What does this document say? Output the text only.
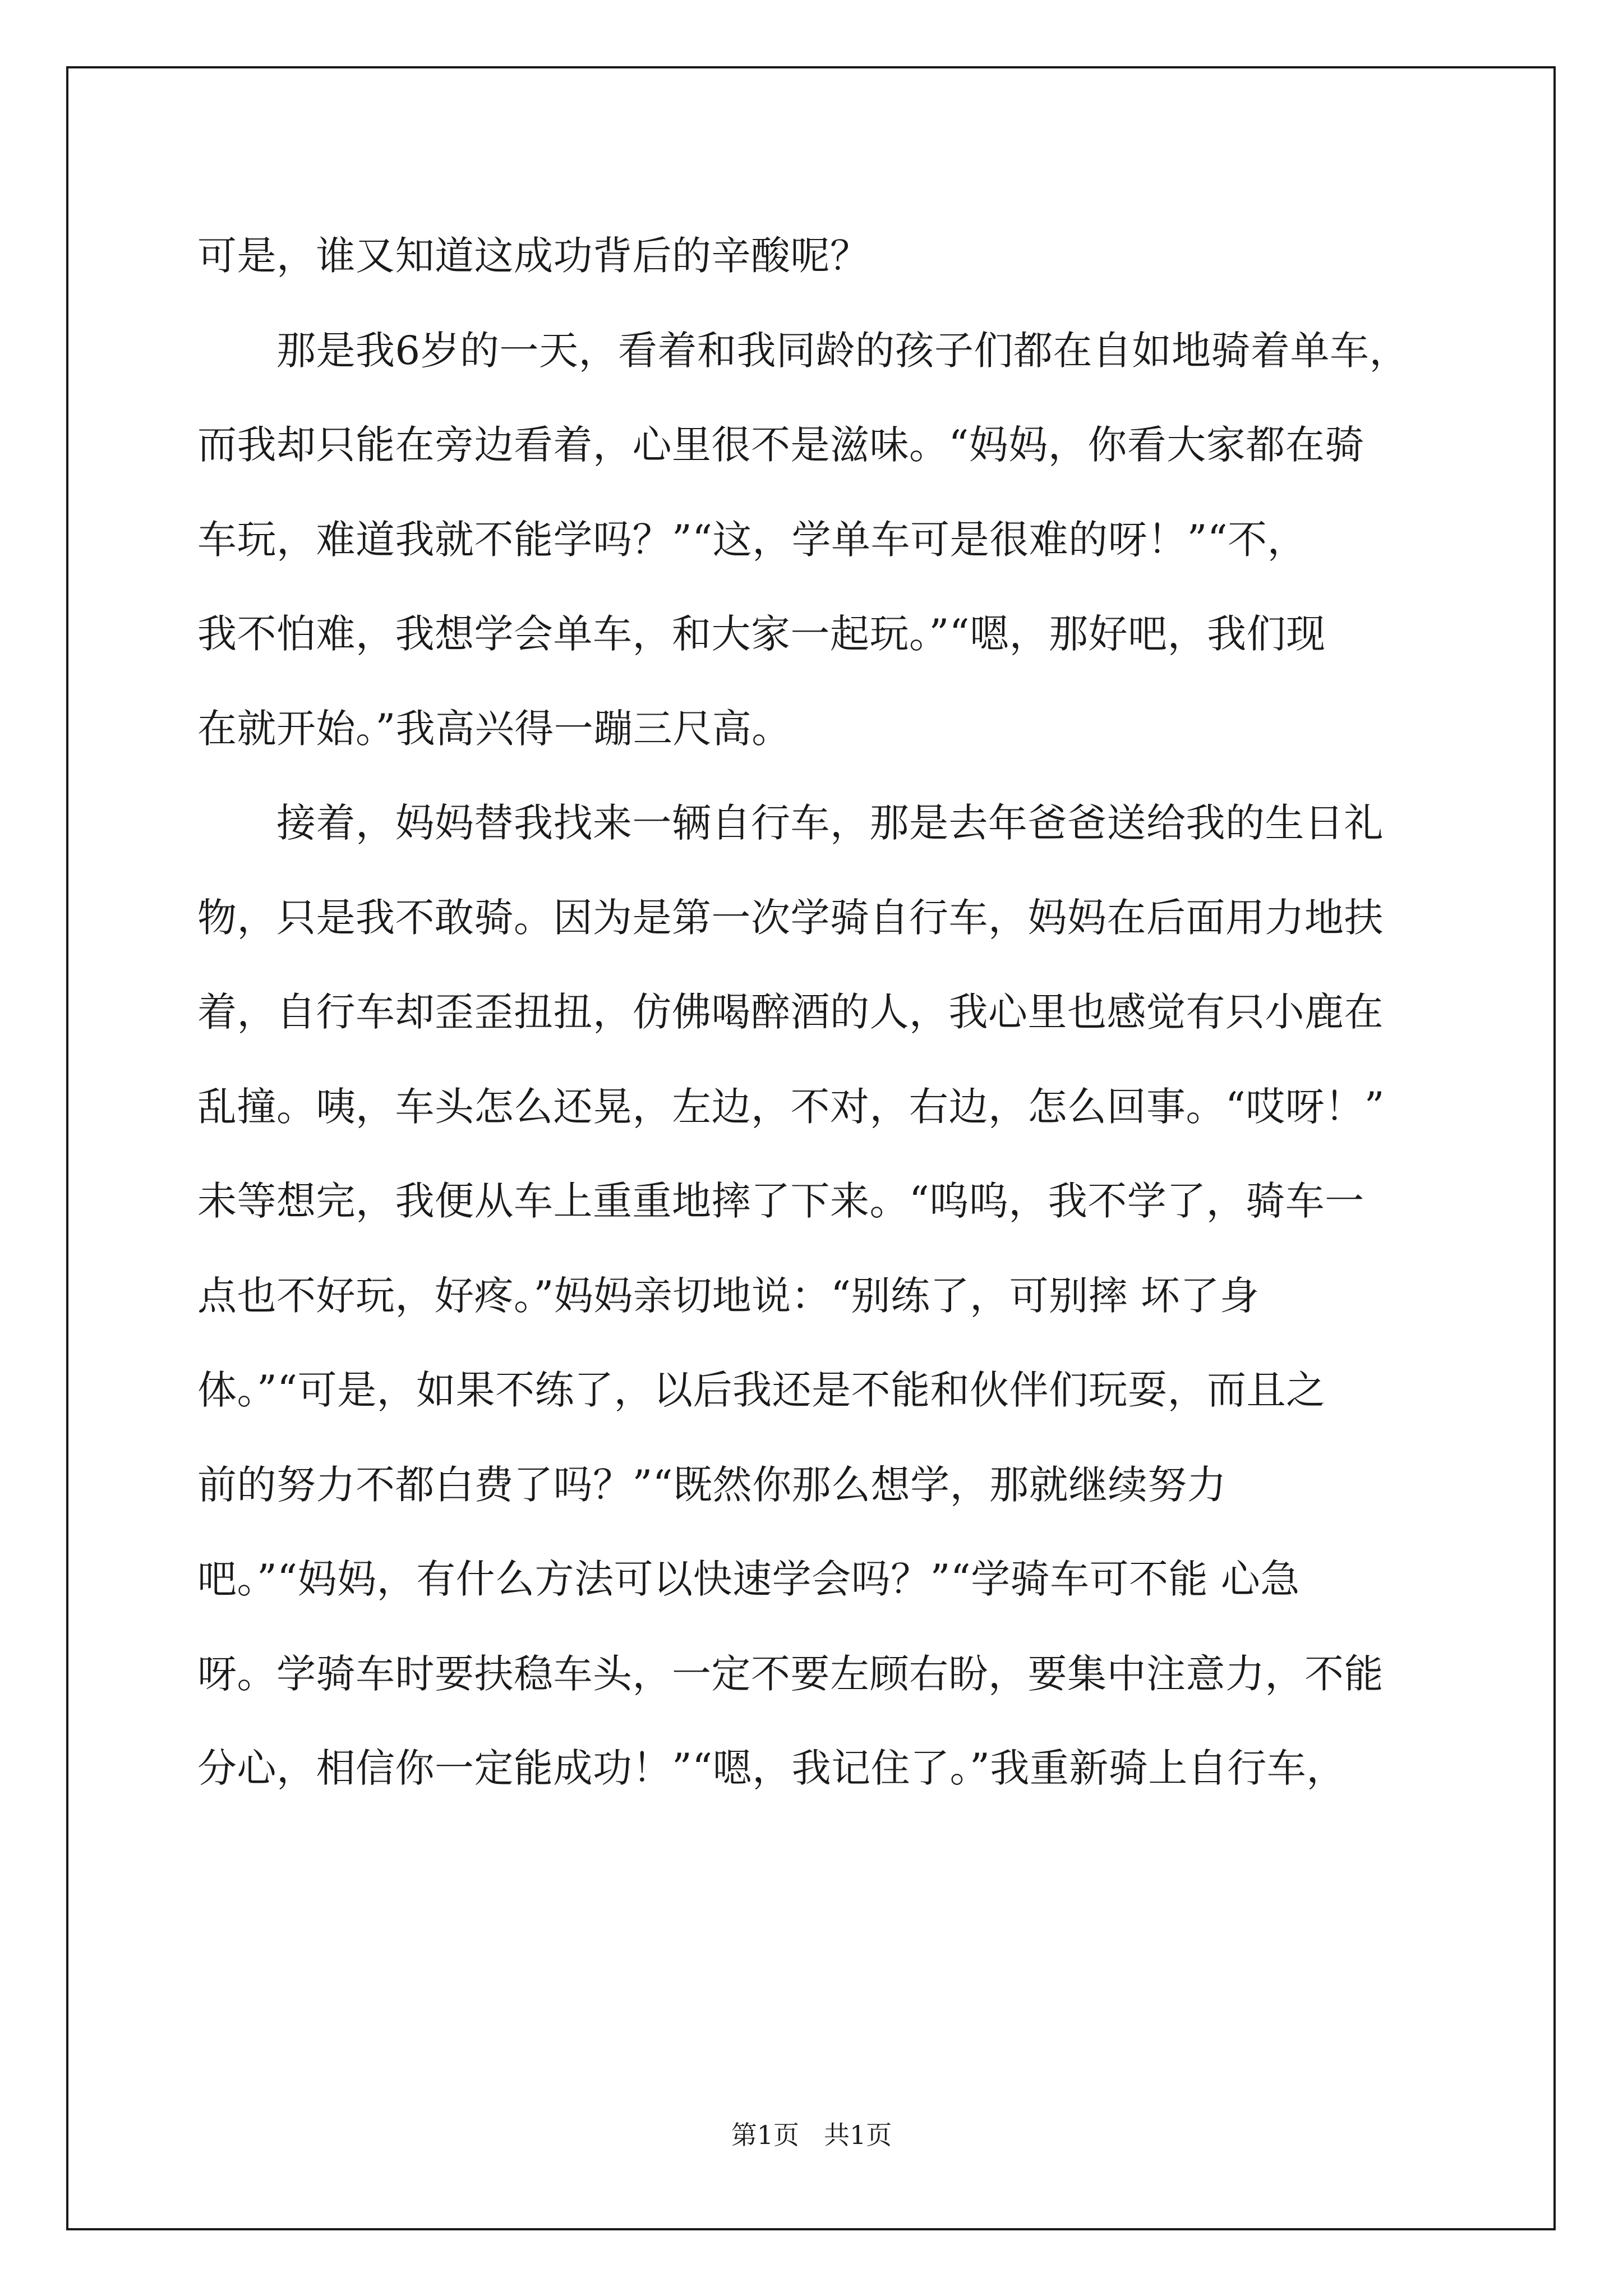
可是，谁又知道这成功背后的辛酸呢？
　　那是我6岁的一天，看着和我同龄的孩子们都在自如地骑着单车，
而我却只能在旁边看着，心里很不是滋味。“妈妈，你看大家都在骑
车玩，难道我就不能学吗？”“这，学单车可是很难的呀！”“不，
我不怕难，我想学会单车，和大家一起玩。”“嗯，那好吧，我们现
在就开始。”我高兴得一蹦三尺高。
　　接着，妈妈替我找来一辆自行车，那是去年爸爸送给我的生日礼
物，只是我不敢骑。因为是第一次学骑自行车，妈妈在后面用力地扶
着，自行车却歪歪扭扭，仿佛喝醉酒的人，我心里也感觉有只小鹿在
乱撞。咦，车头怎么还晃，左边，不对，右边，怎么回事。“哎呀！”
未等想完，我便从车上重重地摔了下来。“呜呜，我不学了，骑车一
点也不好玩，好疼。”妈妈亲切地说：“别练了，可别摔 坏了身
体。”“可是，如果不练了，以后我还是不能和伙伴们玩耍，而且之
前的努力不都白费了吗？”“既然你那么想学，那就继续努力
吧。”“妈妈，有什么方法可以快速学会吗？”“学骑车可不能 心急
呀。学骑车时要扶稳车头，一定不要左顾右盼，要集中注意力，不能
分心，相信你一定能成功！”“嗯，我记住了。”我重新骑上自行车，
第1页 共1页
